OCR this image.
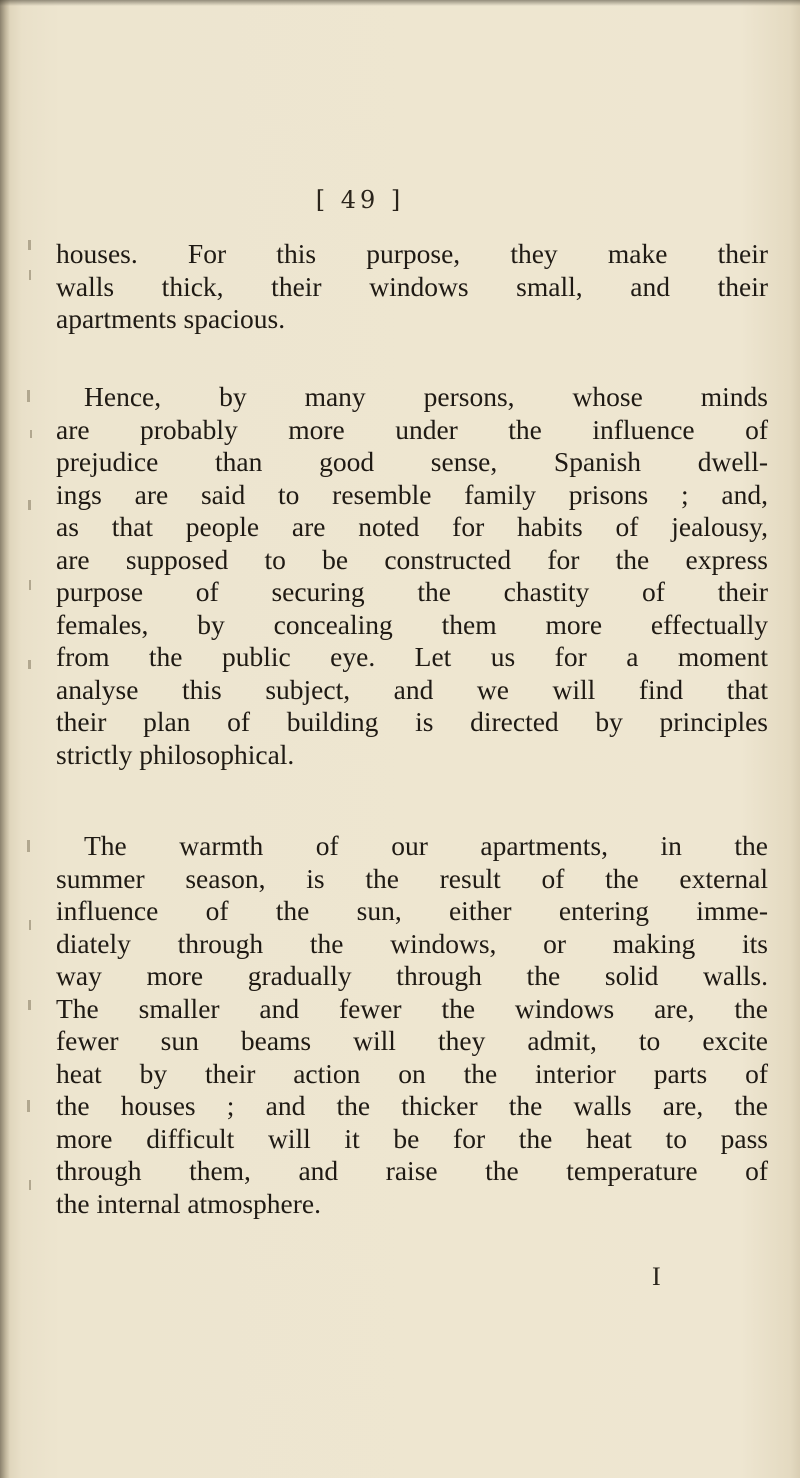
[ 49 ]

houses. For this purpose, they make their
walls thick, their windows small, and their
apartments spacious.

Hence, by many persons, whose minds
are probably more under the influence of
prejudice than good sense, Spanish dwell-
ings are said to resemble family prisons ; and,
as that people are noted for habits of jealousy,
are supposed to be constructed for the express
purpose of securing the chastity of their
females, by concealing them more effectually
from the public eye. Let us for a moment
analyse this subject, and we will find that
their plan of building is directed by principles
strictly philosophical.

The warmth of our apartments, in the
summer season, is the result of the external
influence of the sun, either entering imme-
diately through the windows, or making its
way more gradually through the solid walls.
The smaller and fewer the windows are, the
fewer sun beams will they admit, to excite
heat by their action on the interior parts of
the houses ; and the thicker the walls are, the
more difficult will it be for the heat to pass
through them, and raise the temperature of
the internal atmosphere.

I
